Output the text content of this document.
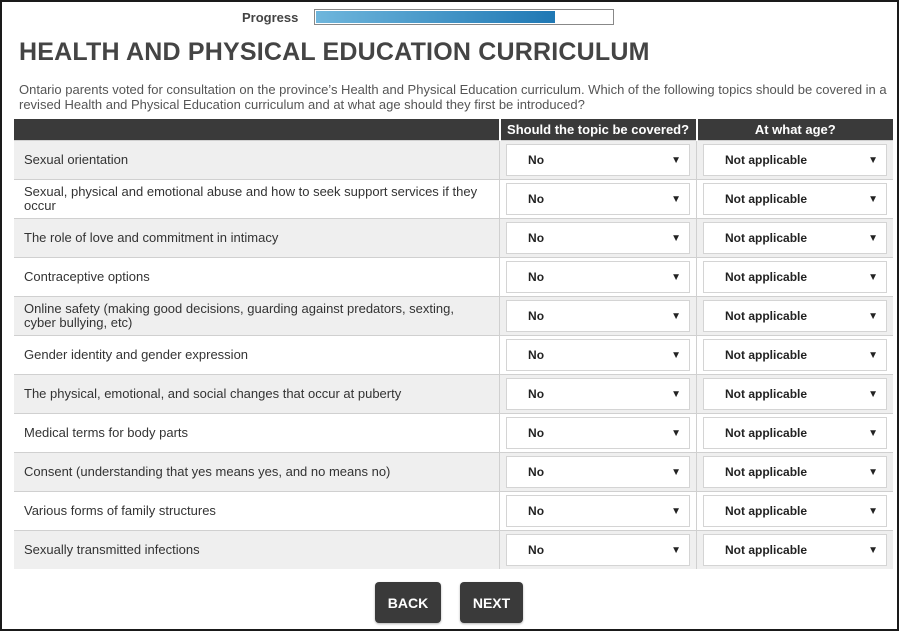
Progress
HEALTH AND PHYSICAL EDUCATION CURRICULUM

Ontario parents voted for consultation on the province’s Health and Physical Education curriculum. Which of the following topics should be covered in a revised Health and Physical Education curriculum and at what age should they first be introduced?

	Should the topic be covered?	At what age?
Sexual orientation	No ▼	Not applicable ▼

Sexual, physical and emotional abuse and how to seek support services if they occur	No ▼	Not applicable ▼

The role of love and commitment in intimacy	No ▼	Not applicable ▼

Contraceptive options	No ▼	Not applicable ▼

Online safety (making good decisions, guarding against predators, sexting, cyber bullying, etc)	No ▼	Not applicable ▼

Gender identity and gender expression	No ▼	Not applicable ▼

The physical, emotional, and social changes that occur at puberty	No ▼	Not applicable ▼

Medical terms for body parts	No ▼	Not applicable ▼

Consent (understanding that yes means yes, and no means no)	No ▼	Not applicable ▼

Various forms of family structures	No ▼	Not applicable ▼

Sexually transmitted infections	No ▼	Not applicable ▼
BACK	NEXT
